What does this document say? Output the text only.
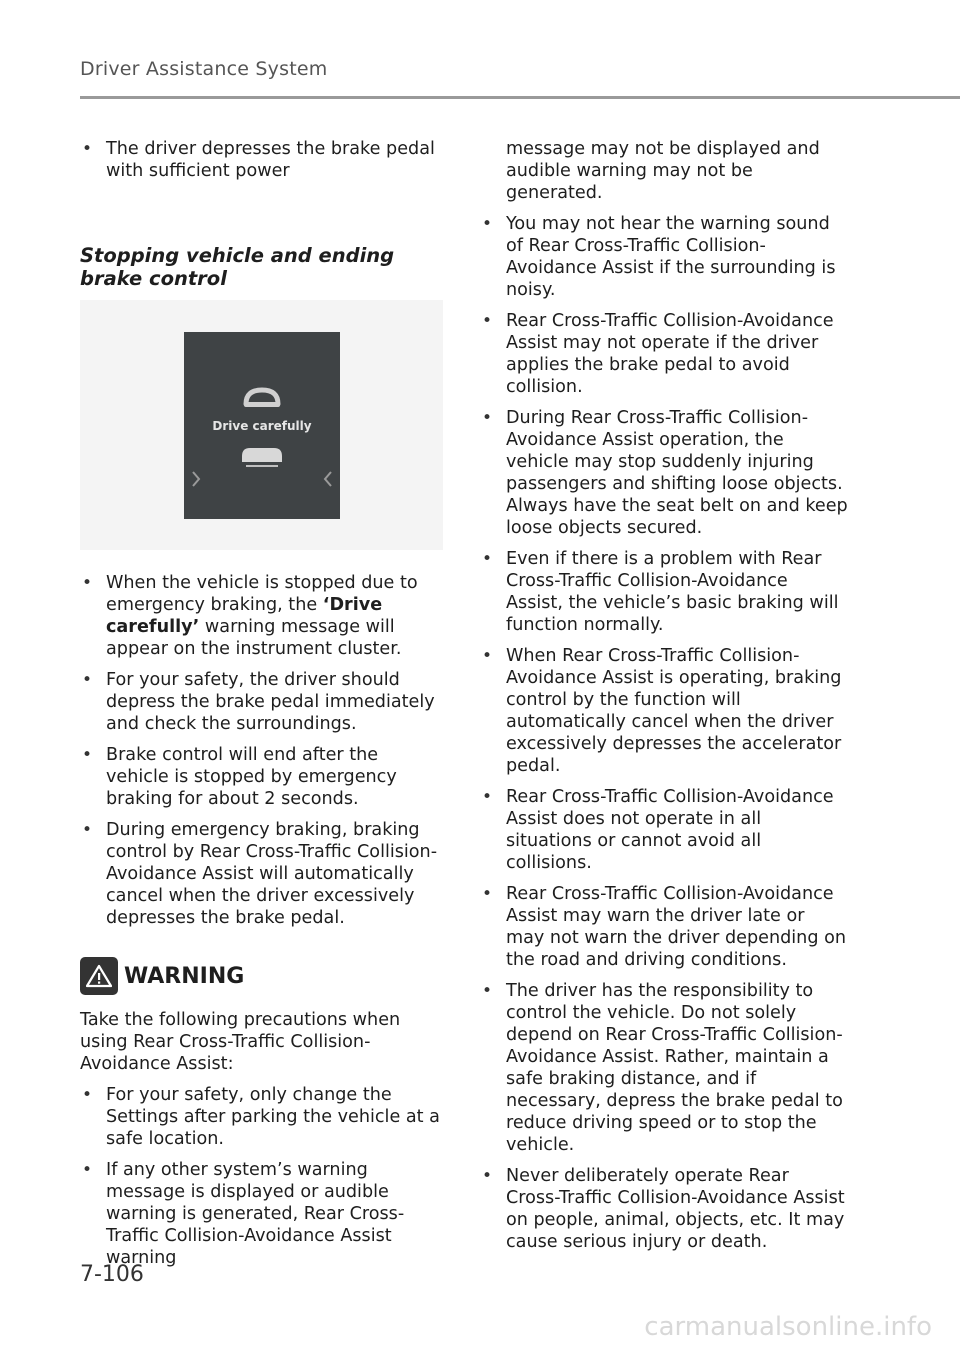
Driver Assistance System
• The driver depresses the brake pedal with sufficient power
Stopping vehicle and ending brake control
Drive carefully
• When the vehicle is stopped due to emergency braking, the ‘Drive carefully’ warning message will appear on the instrument cluster.
• For your safety, the driver should depress the brake pedal immediately and check the surroundings.
• Brake control will end after the vehicle is stopped by emergency braking for about 2 seconds.
• During emergency braking, braking control by Rear Cross-Traffic Collision-Avoidance Assist will automatically cancel when the driver excessively depresses the brake pedal.
WARNING
Take the following precautions when using Rear Cross-Traffic Collision-Avoidance Assist:
• For your safety, only change the Settings after parking the vehicle at a safe location.
• If any other system’s warning message is displayed or audible warning is generated, Rear Cross-Traffic Collision-Avoidance Assist warning
message may not be displayed and audible warning may not be generated.
• You may not hear the warning sound of Rear Cross-Traffic Collision-Avoidance Assist if the surrounding is noisy.
• Rear Cross-Traffic Collision-Avoidance Assist may not operate if the driver applies the brake pedal to avoid collision.
• During Rear Cross-Traffic Collision-Avoidance Assist operation, the vehicle may stop suddenly injuring passengers and shifting loose objects. Always have the seat belt on and keep loose objects secured.
• Even if there is a problem with Rear Cross-Traffic Collision-Avoidance Assist, the vehicle’s basic braking will function normally.
• When Rear Cross-Traffic Collision-Avoidance Assist is operating, braking control by the function will automatically cancel when the driver excessively depresses the accelerator pedal.
• Rear Cross-Traffic Collision-Avoidance Assist does not operate in all situations or cannot avoid all collisions.
• Rear Cross-Traffic Collision-Avoidance Assist may warn the driver late or may not warn the driver depending on the road and driving conditions.
• The driver has the responsibility to control the vehicle. Do not solely depend on Rear Cross-Traffic Collision-Avoidance Assist. Rather, maintain a safe braking distance, and if necessary, depress the brake pedal to reduce driving speed or to stop the vehicle.
• Never deliberately operate Rear Cross-Traffic Collision-Avoidance Assist on people, animal, objects, etc. It may cause serious injury or death.
7-106
carmanualsonline.info
